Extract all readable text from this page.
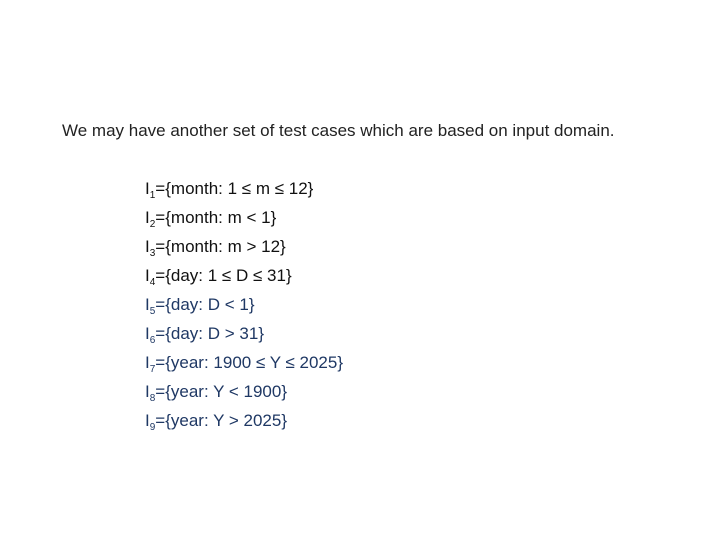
We may have another set of test cases which are based on input domain.
$I_1=\{month$: 1 ≤ m ≤ 12}
$I_2=\{month$: m < 1}
$I_3=\{month$: m > 12}
$I_4=\{day$: 1 ≤ D ≤ 31}
$I_5=\{day$: D < 1}
$I_6=\{day$: D > 31}
$I_7=\{year$: 1900 ≤ Y ≤ 2025}
$I_8=\{year$: Y < 1900}
$I_9=\{year$: Y > 2025}
